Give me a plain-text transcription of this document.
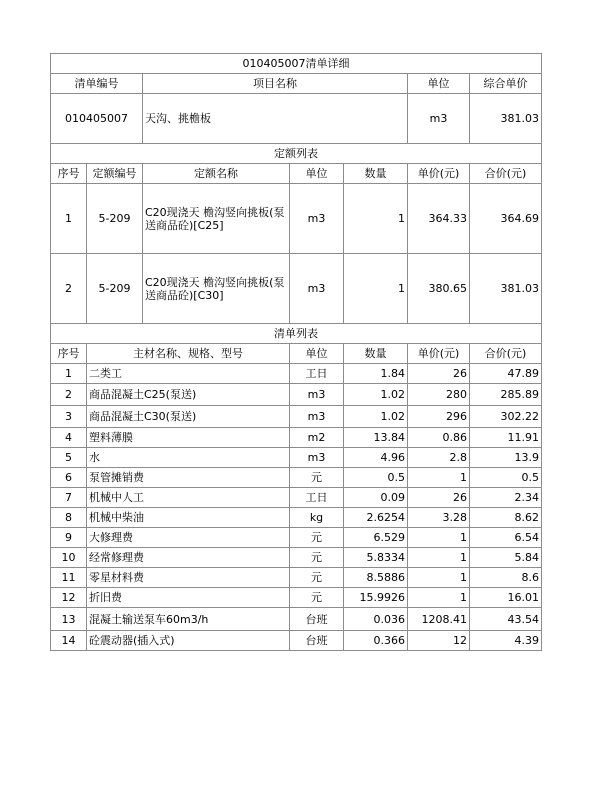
010405007清单详细						
清单编号		项目名称			单位	综合单价
010405007		天沟、挑檐板			m3	381.03
定额列表						
序号	定额编号	定额名称	单位	数量	单价(元)	合价(元)
1	5-209	C20现浇天 檐沟竖向挑板(泵送商品砼)[C25]	m3	1	364.33	364.69
2	5-209	C20现浇天 檐沟竖向挑板(泵送商品砼)[C30]	m3	1	380.65	381.03
清单列表						
序号	主材名称、规格、型号		单位	数量	单价(元)	合价(元)
1	二类工		工日	1.84	26	47.89
2	商品混凝土C25(泵送)		m3	1.02	280	285.89
3	商品混凝土C30(泵送)		m3	1.02	296	302.22
4	塑料薄膜		m2	13.84	0.86	11.91
5	水		m3	4.96	2.8	13.9
6	泵管摊销费		元	0.5	1	0.5
7	机械中人工		工日	0.09	26	2.34
8	机械中柴油		kg	2.6254	3.28	8.62
9	大修理费		元	6.529	1	6.54
10	经常修理费		元	5.8334	1	5.84
11	零星材料费		元	8.5886	1	8.6
12	折旧费		元	15.9926	1	16.01
13	混凝土输送泵车60m3/h		台班	0.036	1208.41	43.54
14	砼震动器(插入式)		台班	0.366	12	4.39
